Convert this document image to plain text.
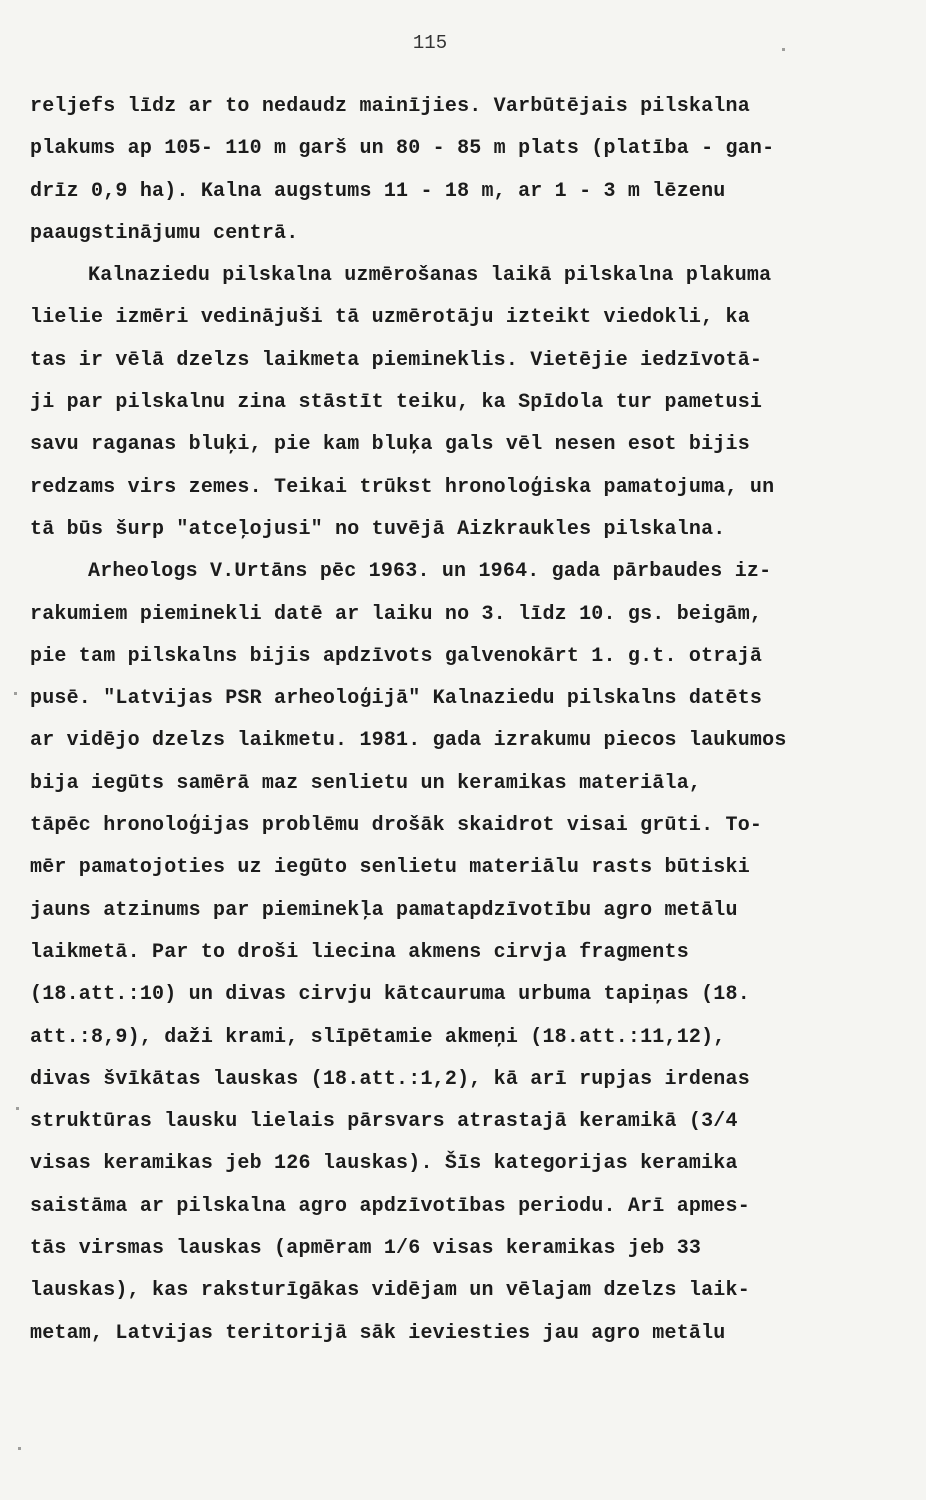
115
reljefs līdz ar to nedaudz mainījies. Varbūtējais pilskalna
plakums ap 105- 110 m garš un 80 - 85 m plats (platība - gan-
drīz 0,9 ha). Kalna augstums 11 - 18 m, ar 1 - 3 m lēzenu
paaugstinājumu centrā.
Kalnaziedu pilskalna uzmērošanas laikā pilskalna plakuma
lielie izmēri vedinājuši tā uzmērotāju izteikt viedokli, ka
tas ir vēlā dzelzs laikmeta piemineklis. Vietējie iedzīvotā-
ji par pilskalnu zina stāstīt teiku, ka Spīdola tur pametusi
savu raganas bluķi, pie kam bluķa gals vēl nesen esot bijis
redzams virs zemes. Teikai trūkst hronoloģiska pamatojuma, un
tā būs šurp "atceļojusi" no tuvējā Aizkraukles pilskalna.
Arheologs V.Urtāns pēc 1963. un 1964. gada pārbaudes iz-
rakumiem pieminekli datē ar laiku no 3. līdz 10. gs. beigām,
pie tam pilskalns bijis apdzīvots galvenokārt 1. g.t. otrajā
pusē. "Latvijas PSR arheoloģijā" Kalnaziedu pilskalns datēts
ar vidējo dzelzs laikmetu. 1981. gada izrakumu piecos laukumos
bija iegūts samērā maz senlietu un keramikas materiāla,
tāpēc hronoloģijas problēmu drošāk skaidrot visai grūti. To-
mēr pamatojoties uz iegūto senlietu materiālu rasts būtiski
jauns atzinums par pieminekļa pamatapdzīvotību agro metālu
laikmetā. Par to droši liecina akmens cirvja fragments
(18.att.:10) un divas cirvju kātcauruma urbuma tapiņas (18.
att.:8,9), daži krami, slīpētamie akmeņi (18.att.:11,12),
divas švīkātas lauskas (18.att.:1,2), kā arī rupjas irdenas
struktūras lausku lielais pārsvars atrastajā keramikā (3/4
visas keramikas jeb 126 lauskas). Šīs kategorijas keramika
saistāma ar pilskalna agro apdzīvotības periodu. Arī apmes-
tās virsmas lauskas (apmēram 1/6 visas keramikas jeb 33
lauskas), kas raksturīgākas vidējam un vēlajam dzelzs laik-
metam, Latvijas teritorijā sāk ieviesties jau agro metālu
